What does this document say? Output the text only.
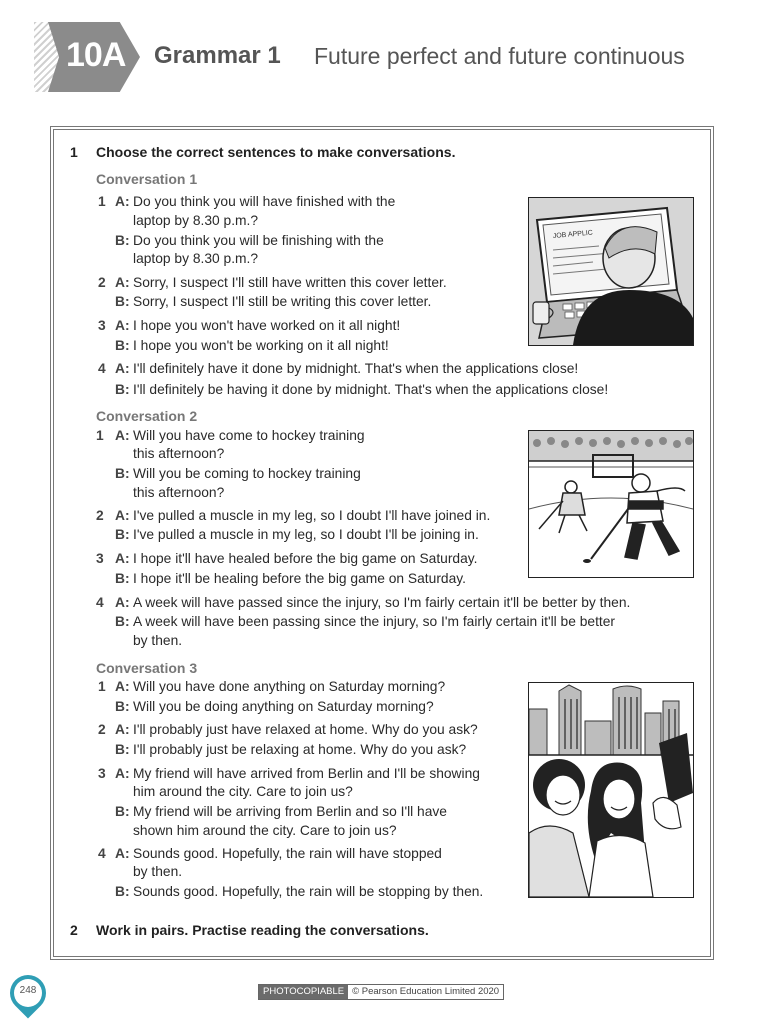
10A Grammar 1 Future perfect and future continuous
1 Choose the correct sentences to make conversations.
Conversation 1
1 A: Do you think you will have finished with the
laptop by 8.30 p.m.?
B: Do you think you will be finishing with the
laptop by 8.30 p.m.?
2 A: Sorry, I suspect I'll still have written this cover letter.
B: Sorry, I suspect I'll still be writing this cover letter.
3 A: I hope you won't have worked on it all night!
B: I hope you won't be working on it all night!
4 A: I'll definitely have it done by midnight. That's when the applications close!
B: I'll definitely be having it done by midnight. That's when the applications close!
JOB APPLIC
Conversation 2
1 A: Will you have come to hockey training
this afternoon?
B: Will you be coming to hockey training
this afternoon?
2 A: I've pulled a muscle in my leg, so I doubt I'll have joined in.
B: I've pulled a muscle in my leg, so I doubt I'll be joining in.
3 A: I hope it'll have healed before the big game on Saturday.
B: I hope it'll be healing before the big game on Saturday.
4 A: A week will have passed since the injury, so I'm fairly certain it'll be better by then.
B: A week will have been passing since the injury, so I'm fairly certain it'll be better
by then.
Conversation 3
1 A: Will you have done anything on Saturday morning?
B: Will you be doing anything on Saturday morning?
2 A: I'll probably just have relaxed at home. Why do you ask?
B: I'll probably just be relaxing at home. Why do you ask?
3 A: My friend will have arrived from Berlin and I'll be showing
him around the city. Care to join us?
B: My friend will be arriving from Berlin and so I'll have
shown him around the city. Care to join us?
4 A: Sounds good. Hopefully, the rain will have stopped
by then.
B: Sounds good. Hopefully, the rain will be stopping by then.
2 Work in pairs. Practise reading the conversations.
248	PHOTOCOPIABLE © Pearson Education Limited 2020
